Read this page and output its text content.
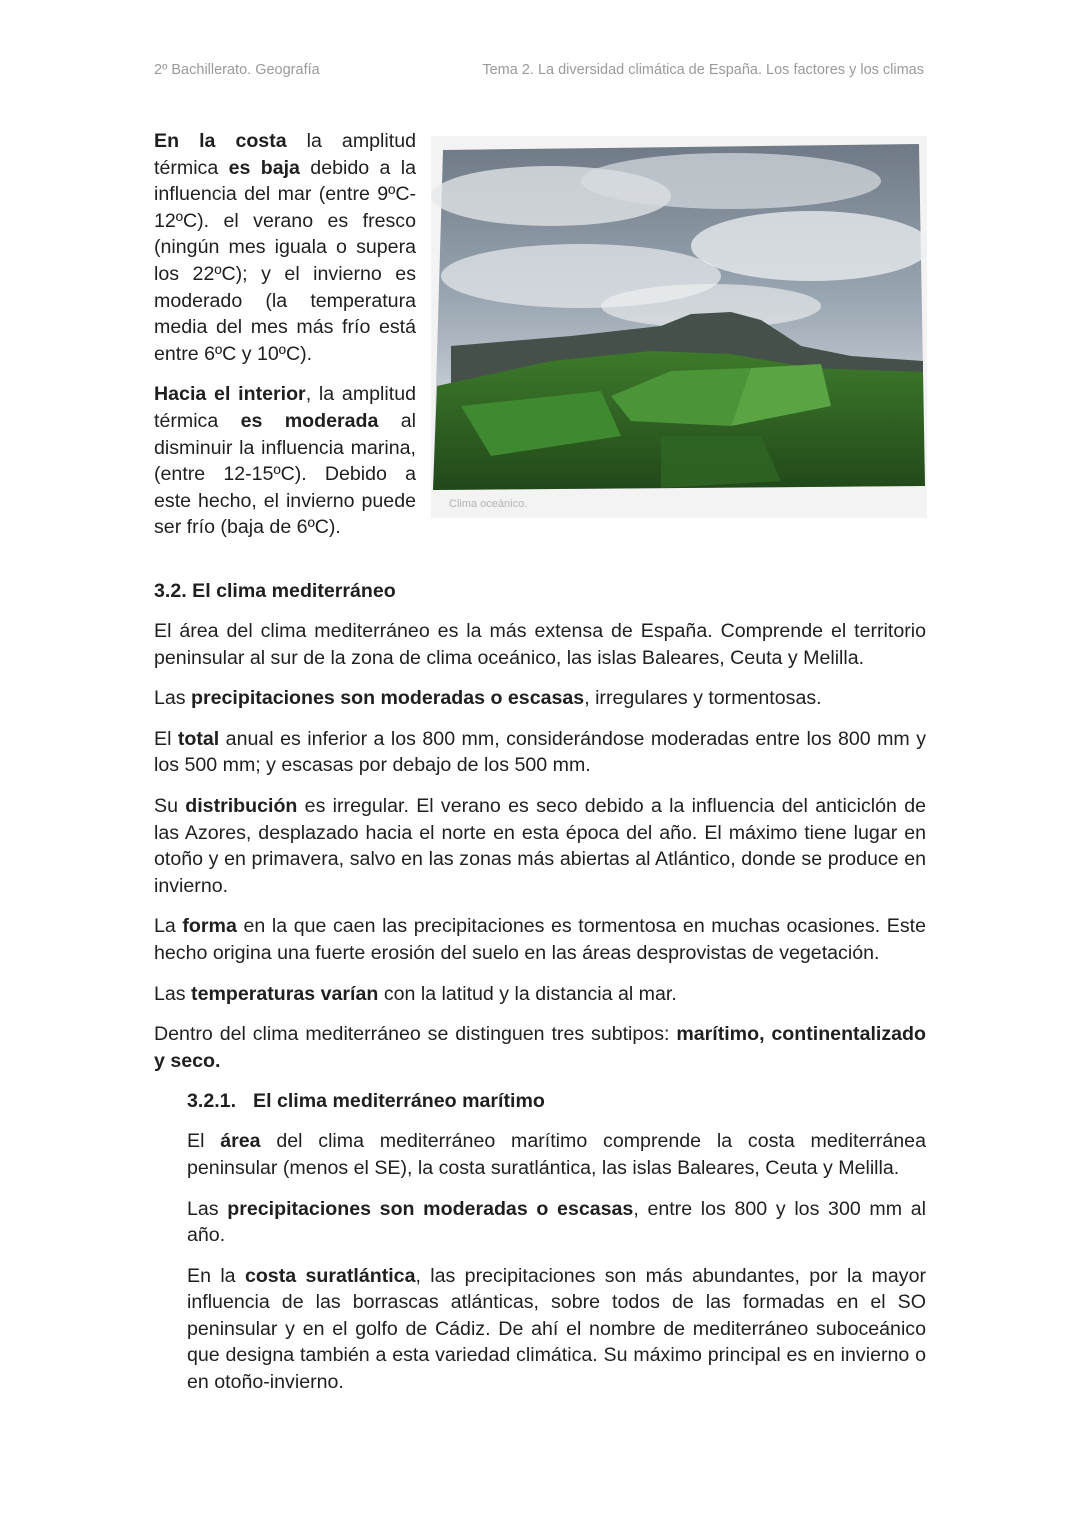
2º Bachillerato. Geografía	Tema 2. La diversidad climática de España. Los factores y los climas

En la costa la amplitud térmica es baja debido a la influencia del mar (entre 9ºC-12ºC). el verano es fresco (ningún mes iguala o supera los 22ºC); y el invierno es moderado (la temperatura media del mes más frío está entre 6ºC y 10ºC).

Hacia el interior, la amplitud térmica es moderada al disminuir la influencia marina, (entre 12-15ºC). Debido a este hecho, el invierno puede ser frío (baja de 6ºC).

Clima oceánico.
3.2. El clima mediterráneo

El área del clima mediterráneo es la más extensa de España. Comprende el territorio peninsular al sur de la zona de clima oceánico, las islas Baleares, Ceuta y Melilla.

Las precipitaciones son moderadas o escasas, irregulares y tormentosas.

El total anual es inferior a los 800 mm, considerándose moderadas entre los 800 mm y los 500 mm; y escasas por debajo de los 500 mm.

Su distribución es irregular. El verano es seco debido a la influencia del anticiclón de las Azores, desplazado hacia el norte en esta época del año. El máximo tiene lugar en otoño y en primavera, salvo en las zonas más abiertas al Atlántico, donde se produce en invierno.

La forma en la que caen las precipitaciones es tormentosa en muchas ocasiones. Este hecho origina una fuerte erosión del suelo en las áreas desprovistas de vegetación.

Las temperaturas varían con la latitud y la distancia al mar.

Dentro del clima mediterráneo se distinguen tres subtipos: marítimo, continentalizado y seco.

3.2.1. El clima mediterráneo marítimo

El área del clima mediterráneo marítimo comprende la costa mediterránea peninsular (menos el SE), la costa suratlántica, las islas Baleares, Ceuta y Melilla.

Las precipitaciones son moderadas o escasas, entre los 800 y los 300 mm al año.

En la costa suratlántica, las precipitaciones son más abundantes, por la mayor influencia de las borrascas atlánticas, sobre todos de las formadas en el SO peninsular y en el golfo de Cádiz. De ahí el nombre de mediterráneo suboceánico que designa también a esta variedad climática. Su máximo principal es en invierno o en otoño-invierno.
